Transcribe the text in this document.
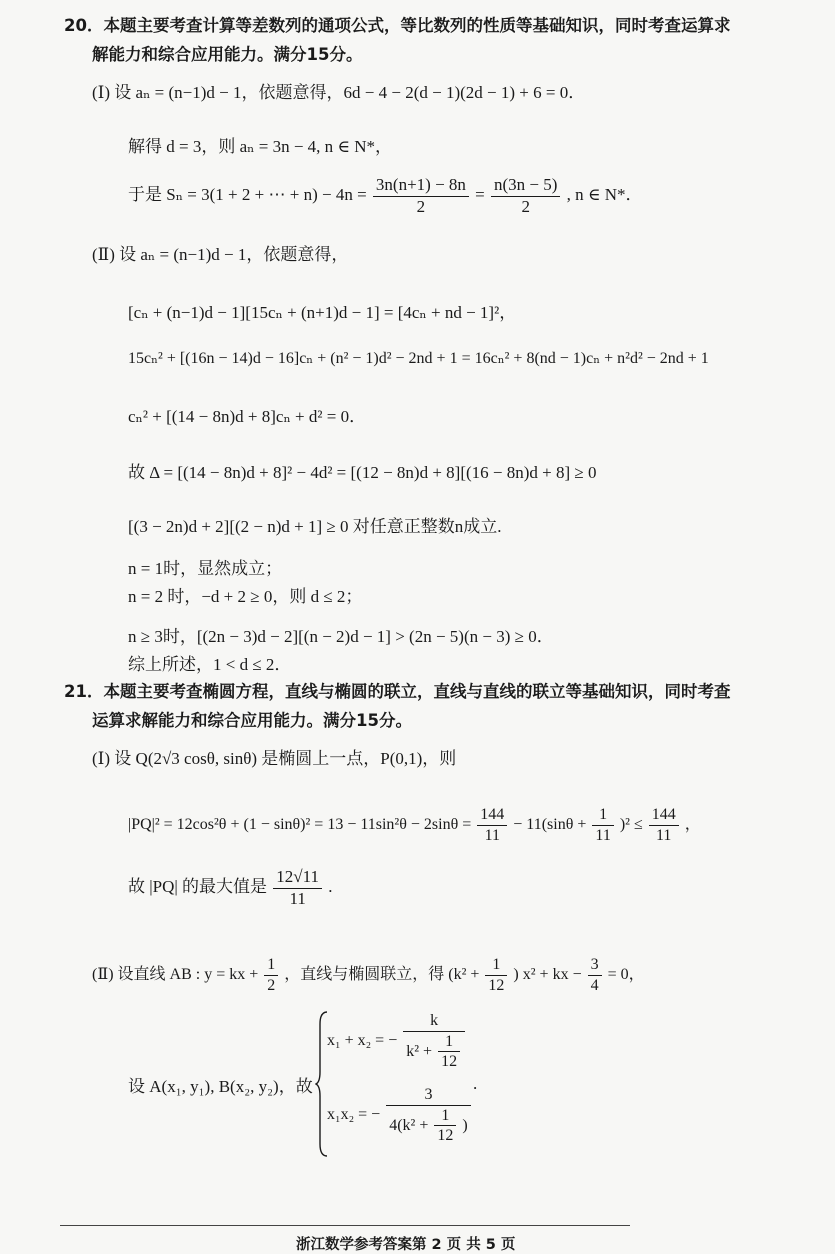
20．本题主要考查计算等差数列的通项公式，等比数列的性质等基础知识，同时考查运算求
解能力和综合应用能力。满分15分。
(Ⅰ) 设 aₙ = (n−1)d − 1，依题意得，6d − 4 − 2(d − 1)(2d − 1) + 6 = 0．
解得 d = 3，则 aₙ = 3n − 4, n ∈ N*，
于是 Sₙ = 3(1 + 2 + ⋯ + $n) - 4n = \frac{3n(n+1) - 8n}{2} = \frac{n(3n - 5)}{2}$ , n ∈ N*．
(Ⅱ) 设 aₙ = (n−1)d − 1，依题意得，
[cₙ + (n−1)d − 1][15cₙ + (n+1)d − 1] = [4cₙ + nd − 1]²，
15cₙ² + [(16n − 14)d − 16]cₙ + (n² − 1)d² − 2nd + 1 = 16cₙ² + 8(nd − 1)cₙ + n²d² − 2nd + 1
cₙ² + [(14 − 8n)d + 8]cₙ + d² = 0．
故 Δ = [(14 − 8n)d + 8]² − 4d² = [(12 − 8n)d + 8][(16 − 8n)d + 8] ≥ 0
[(3 − 2n)d + 2][(2 − n)d + 1] ≥ 0 对任意正整数n成立.
n = 1时，显然成立；
n = 2 时，−d + 2 ≥ 0，则 d ≤ 2；
n ≥ 3时，[(2n − 3)d − 2][(n − 2)d − 1] > (2n − 5)(n − 3) ≥ 0．
综上所述，1 < d ≤ 2．
21．本题主要考查椭圆方程，直线与椭圆的联立，直线与直线的联立等基础知识，同时考查
运算求解能力和综合应用能力。满分15分。
(Ⅰ) 设 Q(2√3 cosθ, sinθ) 是椭圆上一点，P(0,1)，则
$|PQ|^2 = 12\cos^2\theta + (1 - \sin\theta)^2 = 13 - 11\sin^2\theta - 2\sin\theta = \frac{144}{11} - 11(\sin\theta + \frac{1}{11} )^2 \le \frac{144}{11}$ ，
故 |PQ| 的最大值是 $\frac{12√11}{11}$ .
(Ⅱ) 设直线 AB : y = kx + $\frac{1}{2}$ ，直线与椭圆联立，得 ($k^2 + \frac{1}{12}$ ) x² + kx − $\frac{3}{4} = 0$，
设 A(x₁, y₁), B(x₂, y₂)，故
x₁ + x₂ = − $\frac{k}{k^2 + \frac{1}{12}}$
x₁x₂ = − $\frac{3}{4(k^2 + \frac{1}{12} )}$
.
浙江数学参考答案第 2 页 共 5 页
